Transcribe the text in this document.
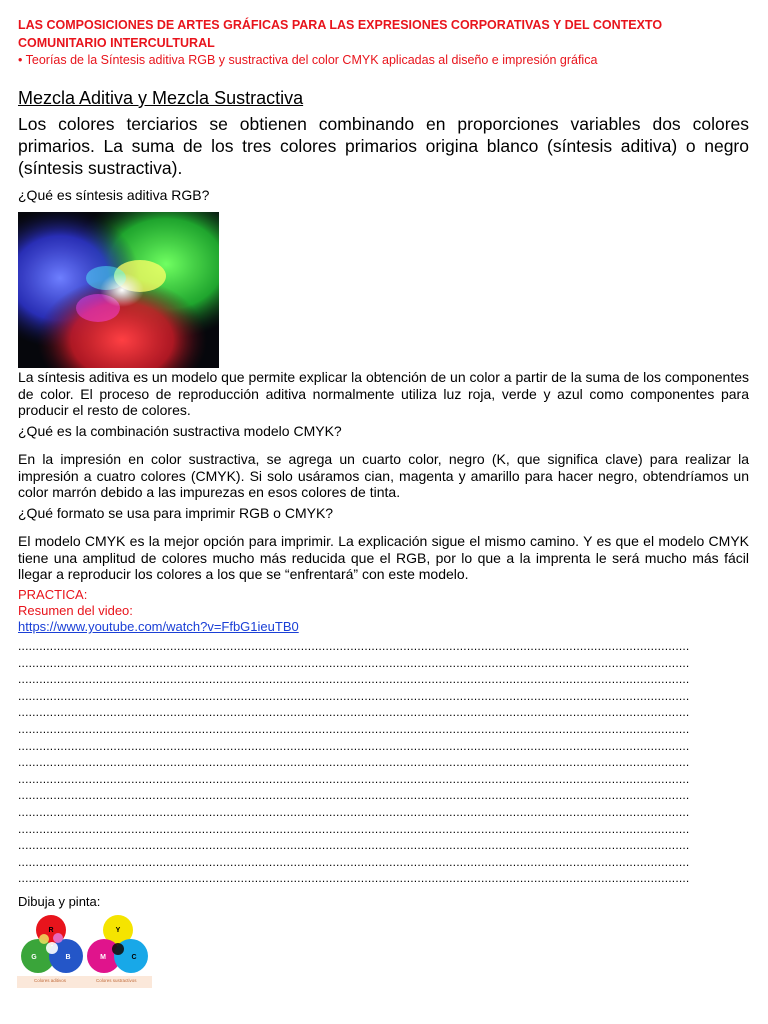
LAS COMPOSICIONES DE ARTES GRÁFICAS PARA LAS EXPRESIONES CORPORATIVAS Y DEL CONTEXTO COMUNITARIO INTERCULTURAL
• Teorías de la Síntesis aditiva RGB y sustractiva del color CMYK aplicadas al diseño e impresión gráfica
Mezcla Aditiva y Mezcla Sustractiva
Los colores terciarios se obtienen combinando en proporciones variables dos colores primarios. La suma de los tres colores primarios origina blanco (síntesis aditiva) o negro (síntesis sustractiva).
¿Qué es síntesis aditiva RGB?
La síntesis aditiva es un modelo que permite explicar la obtención de un color a partir de la suma de los componentes de color. El proceso de reproducción aditiva normalmente utiliza luz roja, verde y azul como componentes para producir el resto de colores.
¿Qué es la combinación sustractiva modelo CMYK?
En la impresión en color sustractiva, se agrega un cuarto color, negro (K, que significa clave) para realizar la impresión a cuatro colores (CMYK). Si solo usáramos cian, magenta y amarillo para hacer negro, obtendríamos un color marrón debido a las impurezas en esos colores de tinta.
¿Qué formato se usa para imprimir RGB o CMYK?
El modelo CMYK es la mejor opción para imprimir. La explicación sigue el mismo camino. Y es que el modelo CMYK tiene una amplitud de colores mucho más reducida que el RGB, por lo que a la imprenta le será mucho más fácil llegar a reproducir los colores a los que se “enfrentará” con este modelo.
PRACTICA:
Resumen del video:
https://www.youtube.com/watch?v=FfbG1ieuTB0
..............................................................................................................................................................................................
..............................................................................................................................................................................................
..............................................................................................................................................................................................
..............................................................................................................................................................................................
..............................................................................................................................................................................................
..............................................................................................................................................................................................
..............................................................................................................................................................................................
..............................................................................................................................................................................................
..............................................................................................................................................................................................
..............................................................................................................................................................................................
..............................................................................................................................................................................................
..............................................................................................................................................................................................
..............................................................................................................................................................................................
..............................................................................................................................................................................................
..............................................................................................................................................................................................
Dibuja y pinta:
R
G	B
Y
M	C
Colores aditivos	Colores sustractivos
